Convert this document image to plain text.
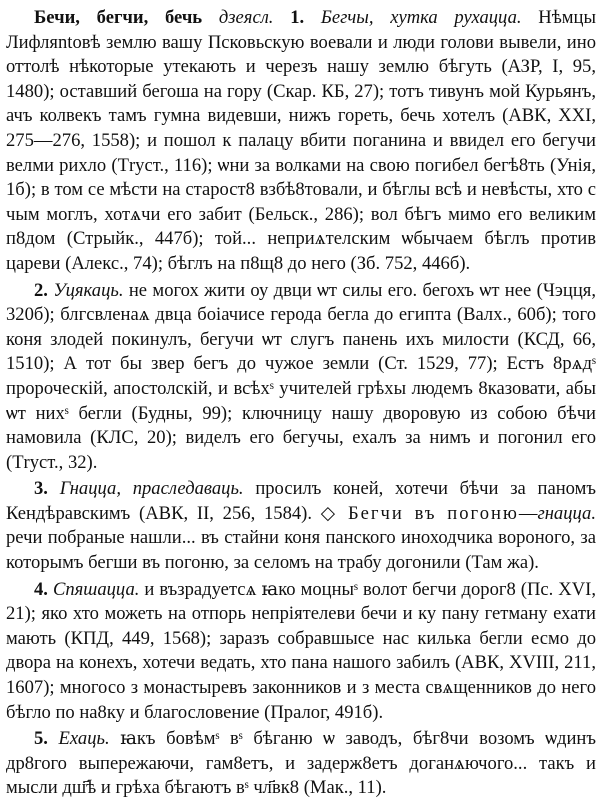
Бечи, бегчи, бечь дзеясл. 1. Бегчы, хутка рухацца. Нѣмцы Лифляntовѣ землю вашу Псковьскую воевали и люди голови вывели, ино оттолѣ нѣкоторые утекають и черезъ нашу землю бѣгуть (АЗР, I, 95, 1480); оставший бегоша на гору (Скар. КБ, 27); тотъ тивунъ мой Курьянъ, ачъ колвекъ тамъ гумна видевши, нижъ гореть, бечь хотелъ (АВК, XXI, 275—276, 1558); и пошол к палацу вбити поганина и ввидел его бегучи велми рихло (Тryст., 116); ѡни за волками на свою погибел бегѣ8ть (Унія, 1б); в том се мѣсти на старост8 взбѣ8товали, и бѣглы всѣ и невѣсты, хто с чым моглъ, хотѧчи его забит (Бельск., 286); вол бѣгъ мимо его великим п8дом (Стрыйк., 447б); той... неприѧтелским ѡбычаем бѣглъ против цареви (Алекс., 74); бѣглъ на п8щ8 до него (Зб. 752, 446б).

2. Уцякаць. не могох жити оу двци ѡт силы его. бегохъ ѡт нее (Чэцця, 320б); блгсвленаѧ двца боіачисе герода бегла до египта (Валх., 60б); того коня злодей покинулъ, бегучи ѡт слугъ панень ихъ милости (КСД, 66, 1510); А тот бы звер бегъ до чужое земли (Ст. 1529, 77); Естъ 8рѧдˢ пророческій, апостолскій, и всѣхˢ учителей грѣхы людемъ 8казовати, абы ѡт нихˢ бегли (Будны, 99); ключницу нашу дворовую из собою бѣчи намовила (КЛС, 20); виделъ его бегучы, ехалъ за нимъ и погонил его (Тryст., 32).

3. Гнацца, праследаваць. просилъ коней, хотечи бѣчи за паномъ Кендѣравскимъ (АВК, II, 256, 1584). ◇ Бегчи въ погоню—гнацца. речи побраные нашли... въ стайни коня панского иноходчика вороного, за которымъ бегши въ погоню, за селомъ на трабу догонили (Там жа).

4. Спяшацца. и възрадуетсѧ ꙗко моцныˢ волот бегчи дорог8 (Пс. XVI, 21); яко хто можеть на отпорь непріятелеви бечи и ку пану гетману ехати мають (КПД, 449, 1568); заразъ собравшысе нас килька бегли есмо до двора на конехъ, хотечи ведать, хто пана нашого забилъ (АВК, XVIII, 211, 1607); многосо з монастыревъ законников и з места свѧщенников до него бѣгло по на8ку и благословение (Пралог, 491б).

5. Ехаць. ꙗкъ бовѣмˢ вˢ бѣганю ѡ заводъ, бѣг8чи возомъ ѡдинъ др8гого выпережаючи, гам8етъ, и задерж8етъ доганѧючого... такъ и мысли дш҃ѣ и грѣха бѣгаютъ вˢ чл҃вк8 (Мак., 11).
